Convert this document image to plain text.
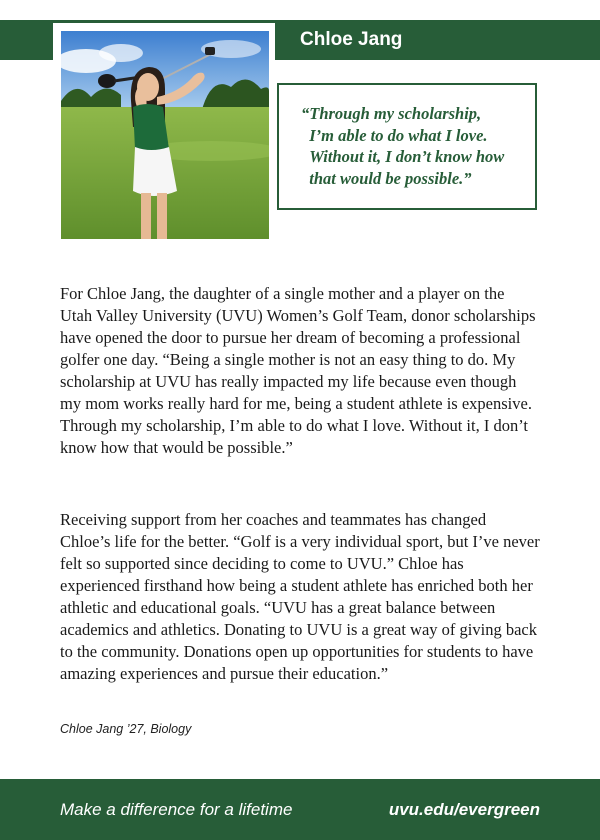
Chloe Jang

“Through my scholarship,
I’m able to do what I love.
Without it, I don’t know how
that would be possible.”

For Chloe Jang, the daughter of a single mother and a player on the Utah Valley University (UVU) Women’s Golf Team, donor scholarships have opened the door to pursue her dream of becoming a professional golfer one day. “Being a single mother is not an easy thing to do. My scholarship at UVU has really impacted my life because even though my mom works really hard for me, being a student athlete is expensive. Through my scholarship, I’m able to do what I love. Without it, I don’t know how that would be possible.”

Receiving support from her coaches and teammates has changed Chloe’s life for the better. “Golf is a very individual sport, but I’ve never felt so supported since deciding to come to UVU.” Chloe has experienced firsthand how being a student athlete has enriched both her athletic and educational goals. “UVU has a great balance between academics and athletics. Donating to UVU is a great way of giving back to the community. Donations open up opportunities for students to have amazing experiences and pursue their education.”

Chloe Jang ’27, Biology

Make a difference for a lifetime	uvu.edu/evergreen
